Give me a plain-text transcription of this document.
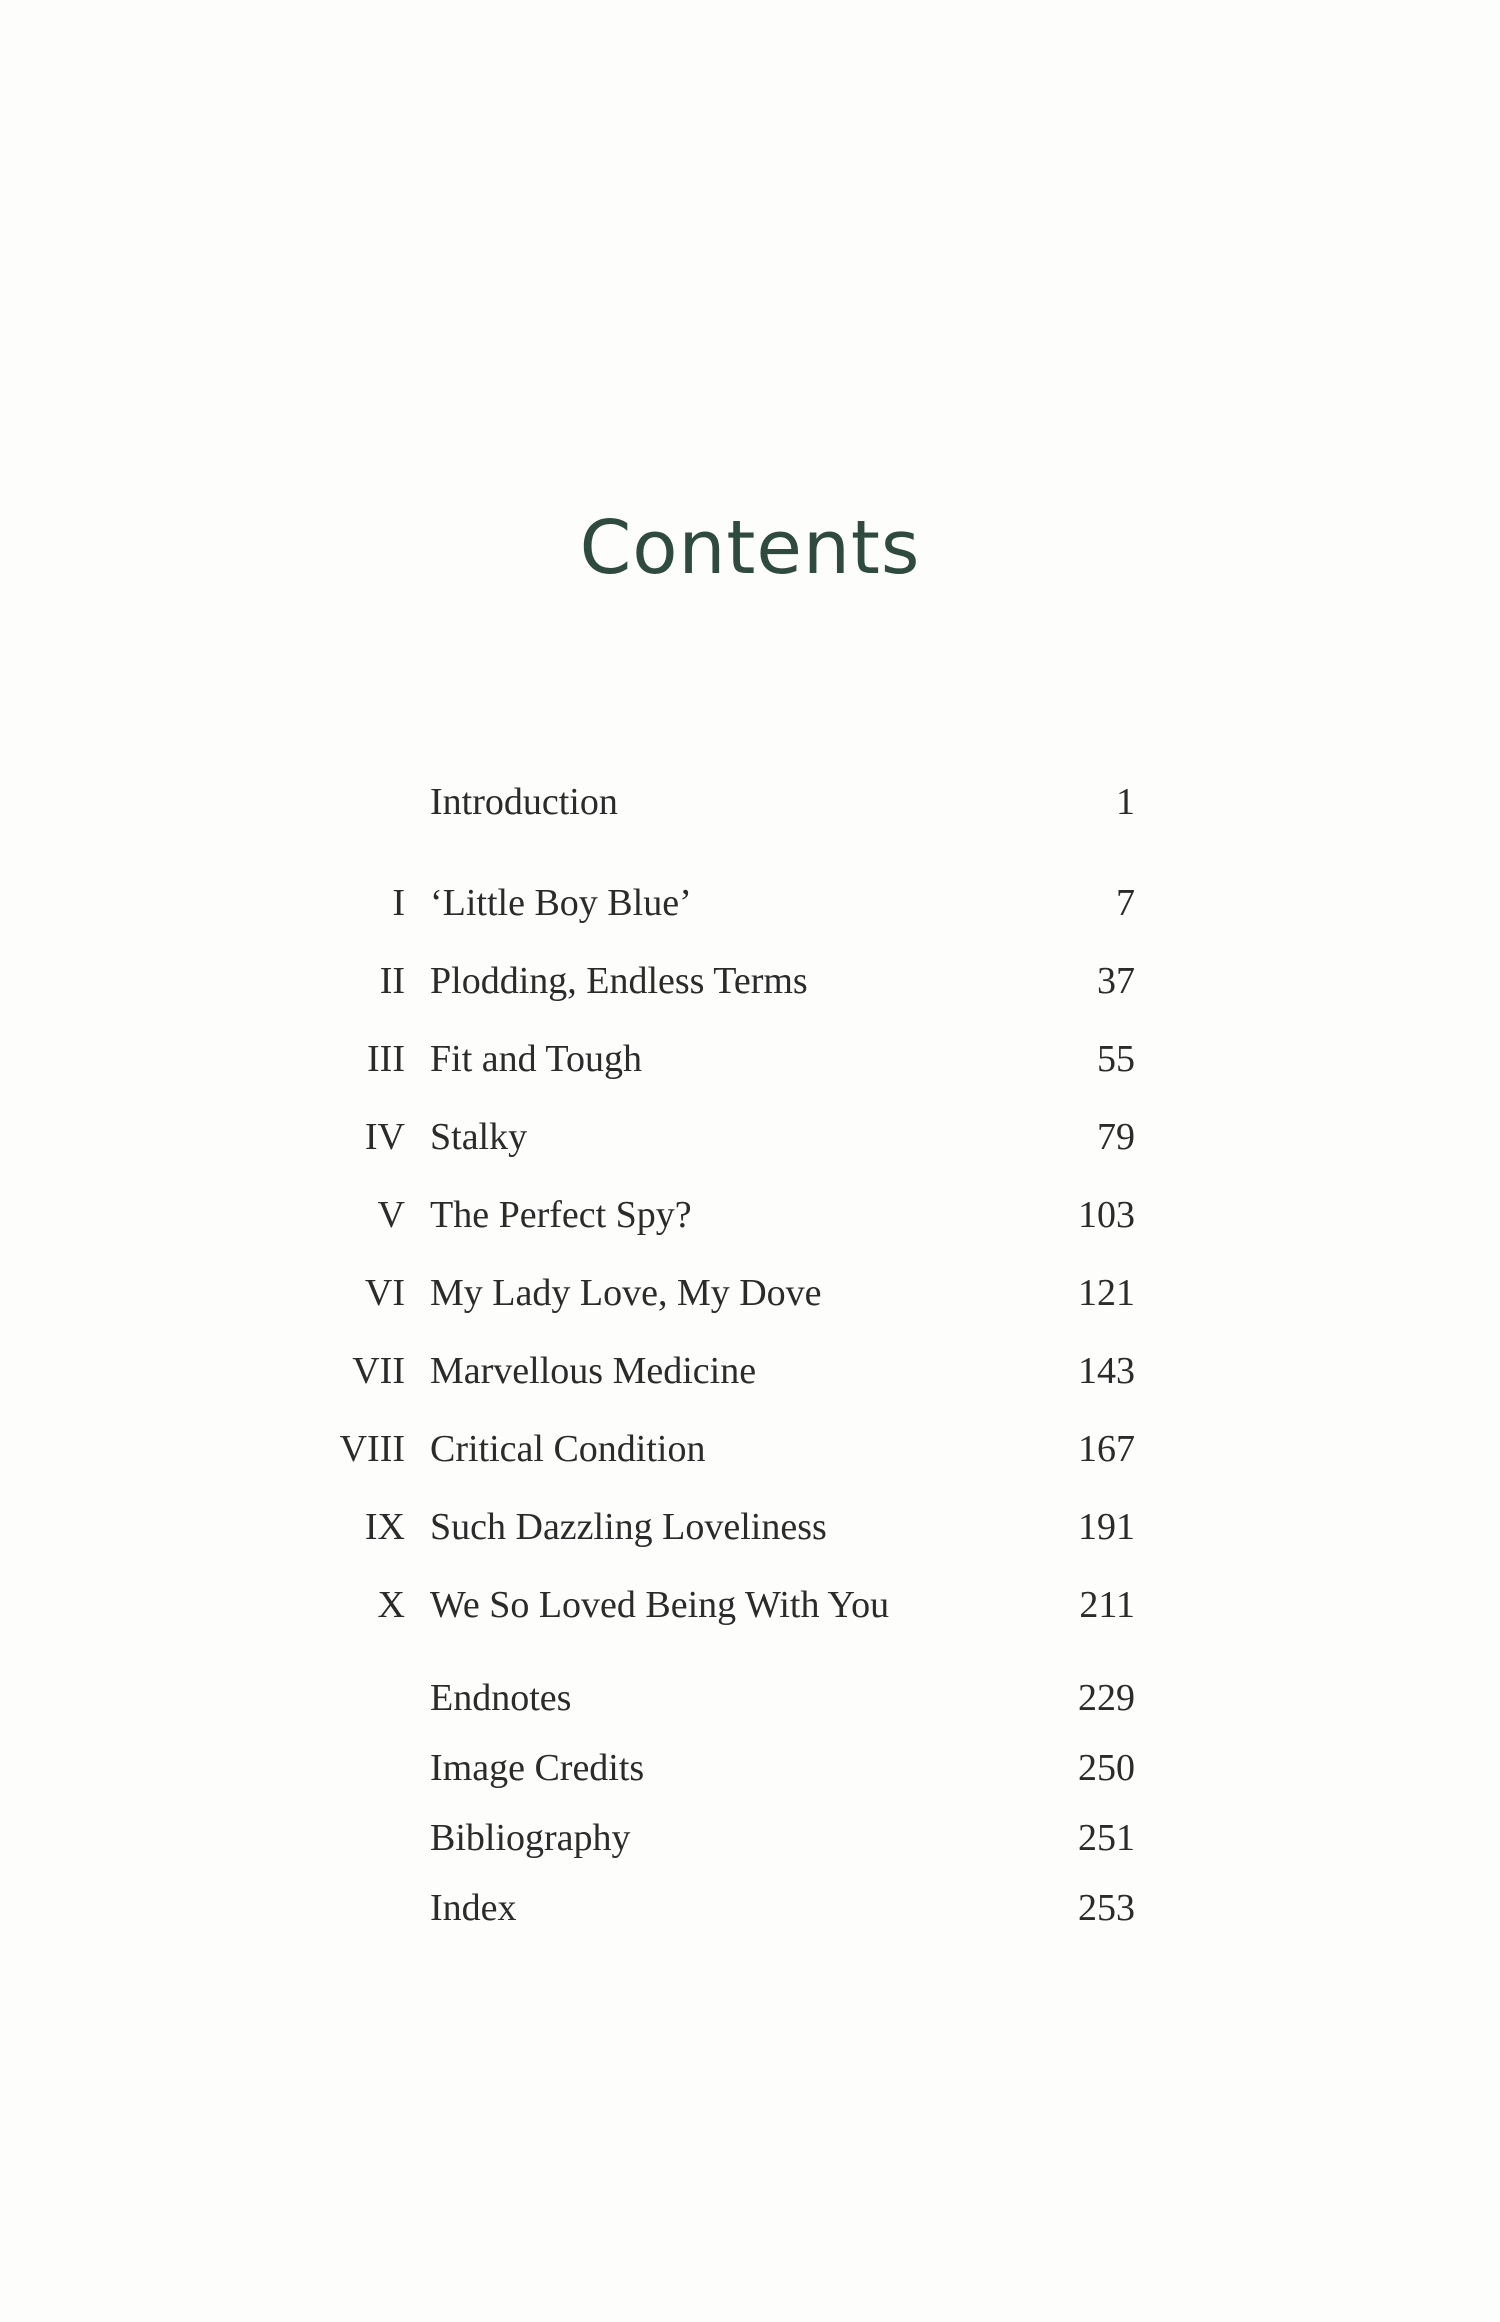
Contents
Introduction	1
I ‘Little Boy Blue’	7
II Plodding, Endless Terms	37
III Fit and Tough	55
IV Stalky	79
V The Perfect Spy?	103
VI My Lady Love, My Dove	121
VII Marvellous Medicine	143
VIII Critical Condition	167
IX Such Dazzling Loveliness	191
X We So Loved Being With You	211
Endnotes	229
Image Credits	250
Bibliography	251
Index	253
